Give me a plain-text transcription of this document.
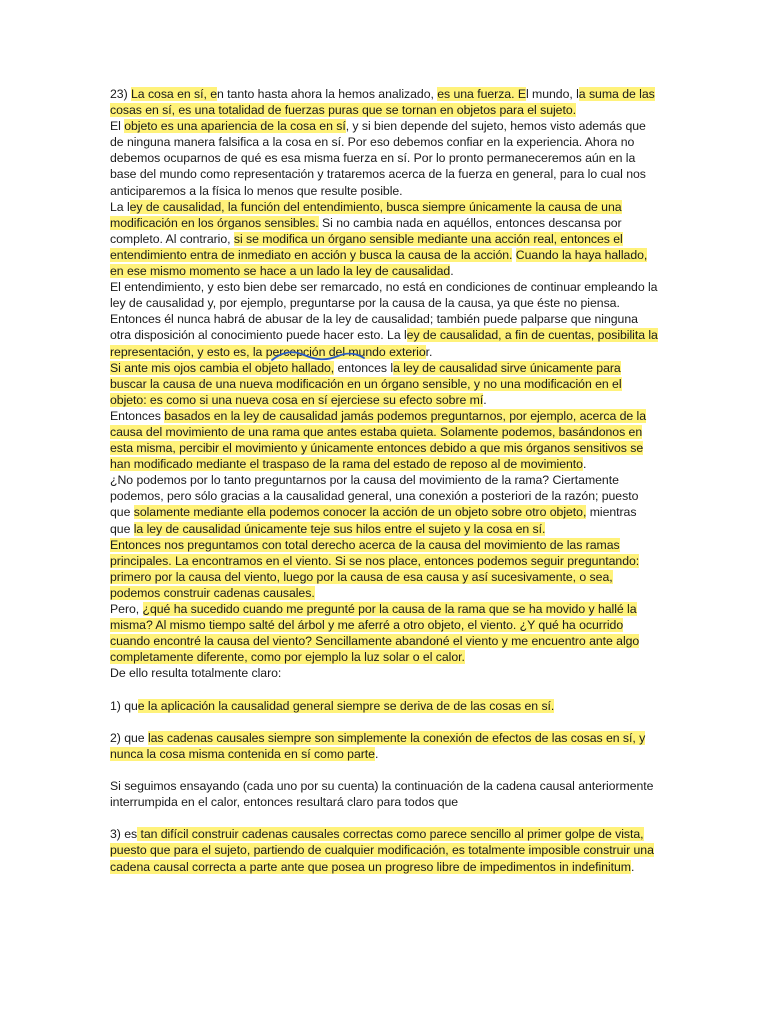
23) La cosa en sí, en tanto hasta ahora la hemos analizado, es una fuerza. El mundo, la suma de las cosas en sí, es una totalidad de fuerzas puras que se tornan en objetos para el sujeto.

El objeto es una apariencia de la cosa en sí, y si bien depende del sujeto, hemos visto además que de ninguna manera falsifica a la cosa en sí. Por eso debemos confiar en la experiencia. Ahora no debemos ocuparnos de qué es esa misma fuerza en sí. Por lo pronto permaneceremos aún en la base del mundo como representación y trataremos acerca de la fuerza en general, para lo cual nos anticiparemos a la física lo menos que resulte posible.

La ley de causalidad, la función del entendimiento, busca siempre únicamente la causa de una modificación en los órganos sensibles. Si no cambia nada en aquéllos, entonces descansa por completo. Al contrario, si se modifica un órgano sensible mediante una acción real, entonces el entendimiento entra de inmediato en acción y busca la causa de la acción. Cuando la haya hallado, en ese mismo momento se hace a un lado la ley de causalidad.

El entendimiento, y esto bien debe ser remarcado, no está en condiciones de continuar empleando la ley de causalidad y, por ejemplo, preguntarse por la causa de la causa, ya que éste no piensa. Entonces él nunca habrá de abusar de la ley de causalidad; también puede palparse que ninguna otra disposición al conocimiento puede hacer esto. La ley de causalidad, a fin de cuentas, posibilita la representación, y esto es, la percepción del mundo exterior.

Si ante mis ojos cambia el objeto hallado, entonces la ley de causalidad sirve únicamente para buscar la causa de una nueva modificación en un órgano sensible, y no una modificación en el objeto: es como si una nueva cosa en sí ejerciese su efecto sobre mí.

Entonces basados en la ley de causalidad jamás podemos preguntarnos, por ejemplo, acerca de la causa del movimiento de una rama que antes estaba quieta. Solamente podemos, basándonos en esta misma, percibir el movimiento y únicamente entonces debido a que mis órganos sensitivos se han modificado mediante el traspaso de la rama del estado de reposo al de movimiento.

¿No podemos por lo tanto preguntarnos por la causa del movimiento de la rama? Ciertamente podemos, pero sólo gracias a la causalidad general, una conexión a posteriori de la razón; puesto que solamente mediante ella podemos conocer la acción de un objeto sobre otro objeto, mientras que la ley de causalidad únicamente teje sus hilos entre el sujeto y la cosa en sí.

Entonces nos preguntamos con total derecho acerca de la causa del movimiento de las ramas principales. La encontramos en el viento. Si se nos place, entonces podemos seguir preguntando: primero por la causa del viento, luego por la causa de esa causa y así sucesivamente, o sea, podemos construir cadenas causales.

Pero, ¿qué ha sucedido cuando me pregunté por la causa de la rama que se ha movido y hallé la misma? Al mismo tiempo salté del árbol y me aferré a otro objeto, el viento. ¿Y qué ha ocurrido cuando encontré la causa del viento? Sencillamente abandoné el viento y me encuentro ante algo completamente diferente, como por ejemplo la luz solar o el calor.

De ello resulta totalmente claro:

1) que la aplicación la causalidad general siempre se deriva de de las cosas en sí.

2) que las cadenas causales siempre son simplemente la conexión de efectos de las cosas en sí, y nunca la cosa misma contenida en sí como parte.

Si seguimos ensayando (cada uno por su cuenta) la continuación de la cadena causal anteriormente interrumpida en el calor, entonces resultará claro para todos que

3) es tan difícil construir cadenas causales correctas como parece sencillo al primer golpe de vista, puesto que para el sujeto, partiendo de cualquier modificación, es totalmente imposible construir una cadena causal correcta a parte ante que posea un progreso libre de impedimentos in indefinitum.
